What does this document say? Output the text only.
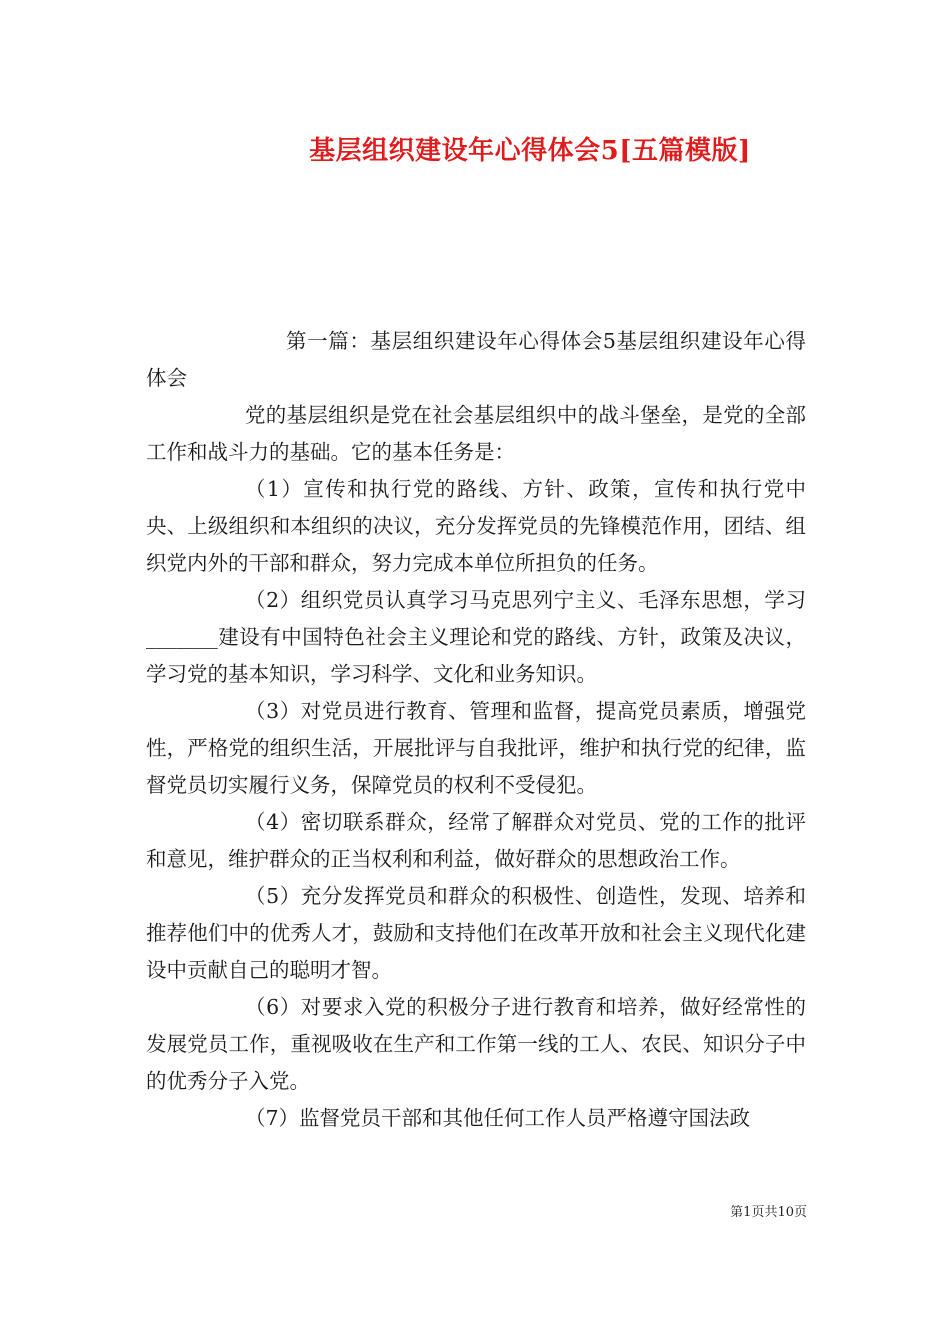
基层组织建设年心得体会5[五篇模版]

第一篇：基层组织建设年心得体会5基层组织建设年心得体会

党的基层组织是党在社会基层组织中的战斗堡垒，是党的全部工作和战斗力的基础。它的基本任务是：

（1）宣传和执行党的路线、方针、政策，宣传和执行党中央、上级组织和本组织的决议，充分发挥党员的先锋模范作用，团结、组织党内外的干部和群众，努力完成本单位所担负的任务。

（2）组织党员认真学习马克思列宁主义、毛泽东思想，学习_______建设有中国特色社会主义理论和党的路线、方针，政策及决议，学习党的基本知识，学习科学、文化和业务知识。

（3）对党员进行教育、管理和监督，提高党员素质，增强党性，严格党的组织生活，开展批评与自我批评，维护和执行党的纪律，监督党员切实履行义务，保障党员的权利不受侵犯。

（4）密切联系群众，经常了解群众对党员、党的工作的批评和意见，维护群众的正当权利和利益，做好群众的思想政治工作。

（5）充分发挥党员和群众的积极性、创造性，发现、培养和推荐他们中的优秀人才，鼓励和支持他们在改革开放和社会主义现代化建设中贡献自己的聪明才智。

（6）对要求入党的积极分子进行教育和培养，做好经常性的发展党员工作，重视吸收在生产和工作第一线的工人、农民、知识分子中的优秀分子入党。

（7）监督党员干部和其他任何工作人员严格遵守国法政

第1页共10页
